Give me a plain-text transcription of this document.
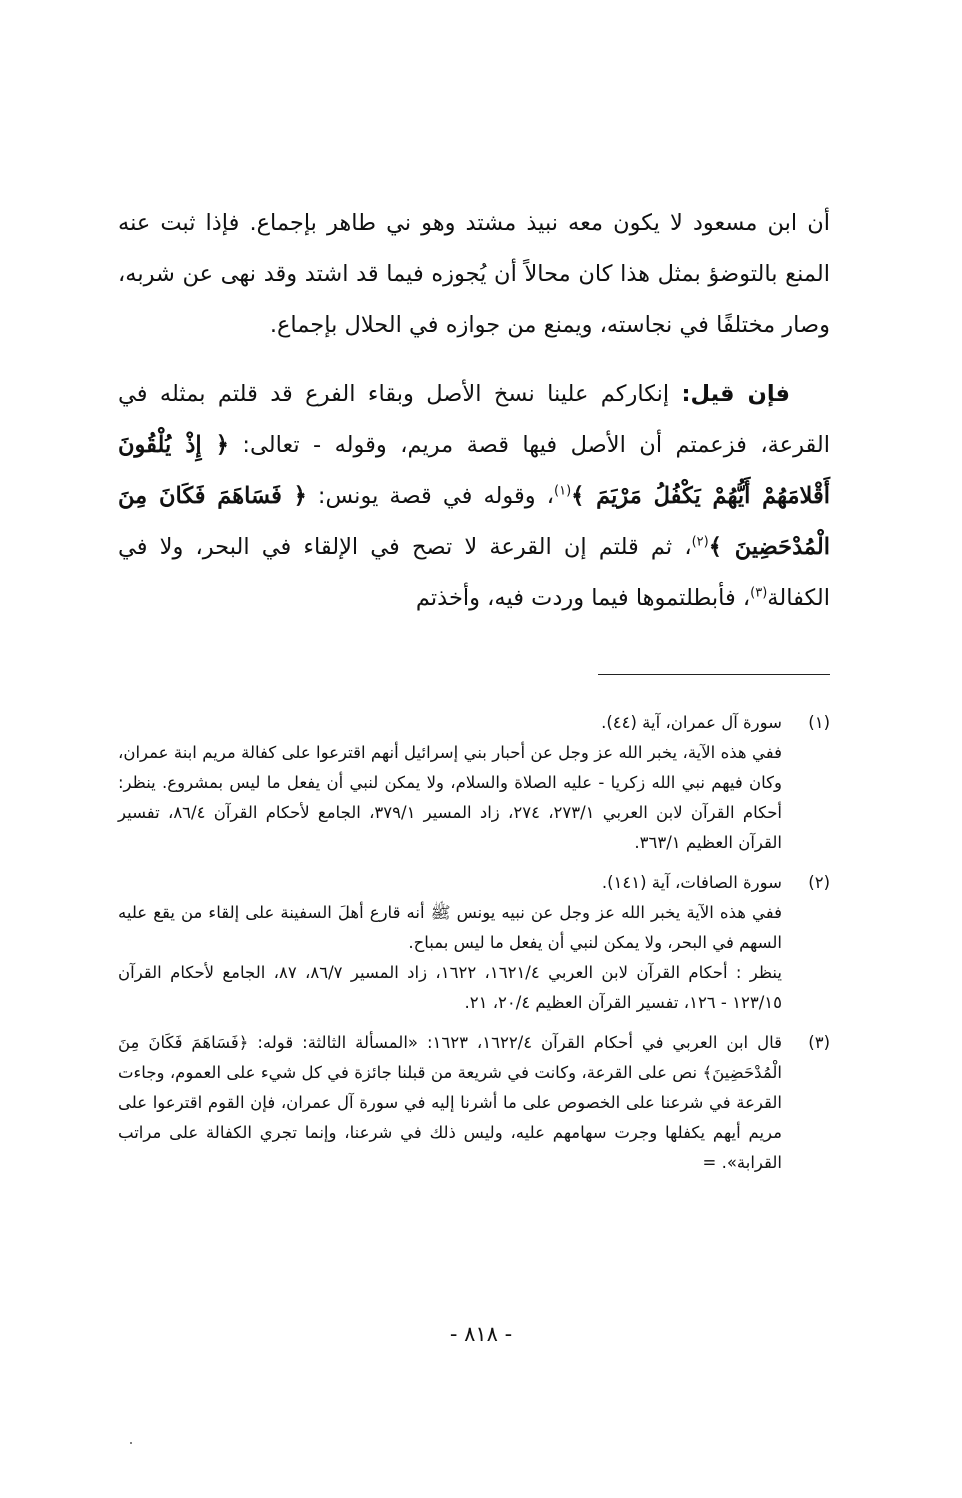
أن ابن مسعود لا يكون معه نبيذ مشتد وهو ني طاهر بإجماع. فإذا ثبت عنه المنع بالتوضؤ بمثل هذا كان محالاً أن يُجوزه فيما قد اشتد وقد نهى عن شربه، وصار مختلفًا في نجاسته، ويمنع من جوازه في الحلال بإجماع.

فإن قيل: إنكاركم علينا نسخ الأصل وبقاء الفرع قد قلتم بمثله في القرعة، فزعمتم أن الأصل فيها قصة مريم، وقوله - تعالى: ﴿ إِذْ يُلْقُونَ أَقْلامَهُمْ أَيُّهُمْ يَكْفُلُ مَرْيَمَ ﴾$^{(١)}$، وقوله في قصة يونس: ﴿ فَسَاهَمَ فَكَانَ مِنَ الْمُدْحَضِينَ ﴾$^{(٢)}$، ثم قلتم إن القرعة لا تصح في الإلقاء في البحر، ولا في الكفالة$^{(٣)}$، فأبطلتموها فيما وردت فيه، وأخذتم

(١)
سورة آل عمران، آية (٤٤).
ففي هذه الآية، يخبر الله عز وجل عن أحبار بني إسرائيل أنهم اقترعوا على كفالة مريم ابنة عمران، وكان فيهم نبي الله زكريا - عليه الصلاة والسلام، ولا يمكن لنبي أن يفعل ما ليس بمشروع. ينظر: أحكام القرآن لابن العربي ٢٧٣/١، ٢٧٤، زاد المسير ٣٧٩/١، الجامع لأحكام القرآن ٨٦/٤، تفسير القرآن العظيم ٣٦٣/١.
(٢)
سورة الصافات، آية (١٤١).
ففي هذه الآية يخبر الله عز وجل عن نبيه يونس ﷺ أنه قارع أهلَ السفينة على إلقاء من يقع عليه السهم في البحر، ولا يمكن لنبي أن يفعل ما ليس بمباح.
ينظر : أحكام القرآن لابن العربي ١٦٢١/٤، ١٦٢٢، زاد المسير ٨٦/٧، ٨٧، الجامع لأحكام القرآن ١٢٣/١٥ - ١٢٦، تفسير القرآن العظيم ٢٠/٤، ٢١.
(٣)
قال ابن العربي في أحكام القرآن ١٦٢٢/٤، ١٦٢٣: «المسألة الثالثة: قوله: ﴿فَسَاهَمَ فَكَانَ مِنَ الْمُدْحَضِينَ﴾ نص على القرعة، وكانت في شريعة من قبلنا جائزة في كل شيء على العموم، وجاءت القرعة في شرعنا على الخصوص على ما أشرنا إليه في سورة آل عمران، فإن القوم اقترعوا على مريم أيهم يكفلها وجرت سهامهم عليه، وليس ذلك في شرعنا، وإنما تجري الكفالة على مراتب القرابة». =
- ٨١٨ -
